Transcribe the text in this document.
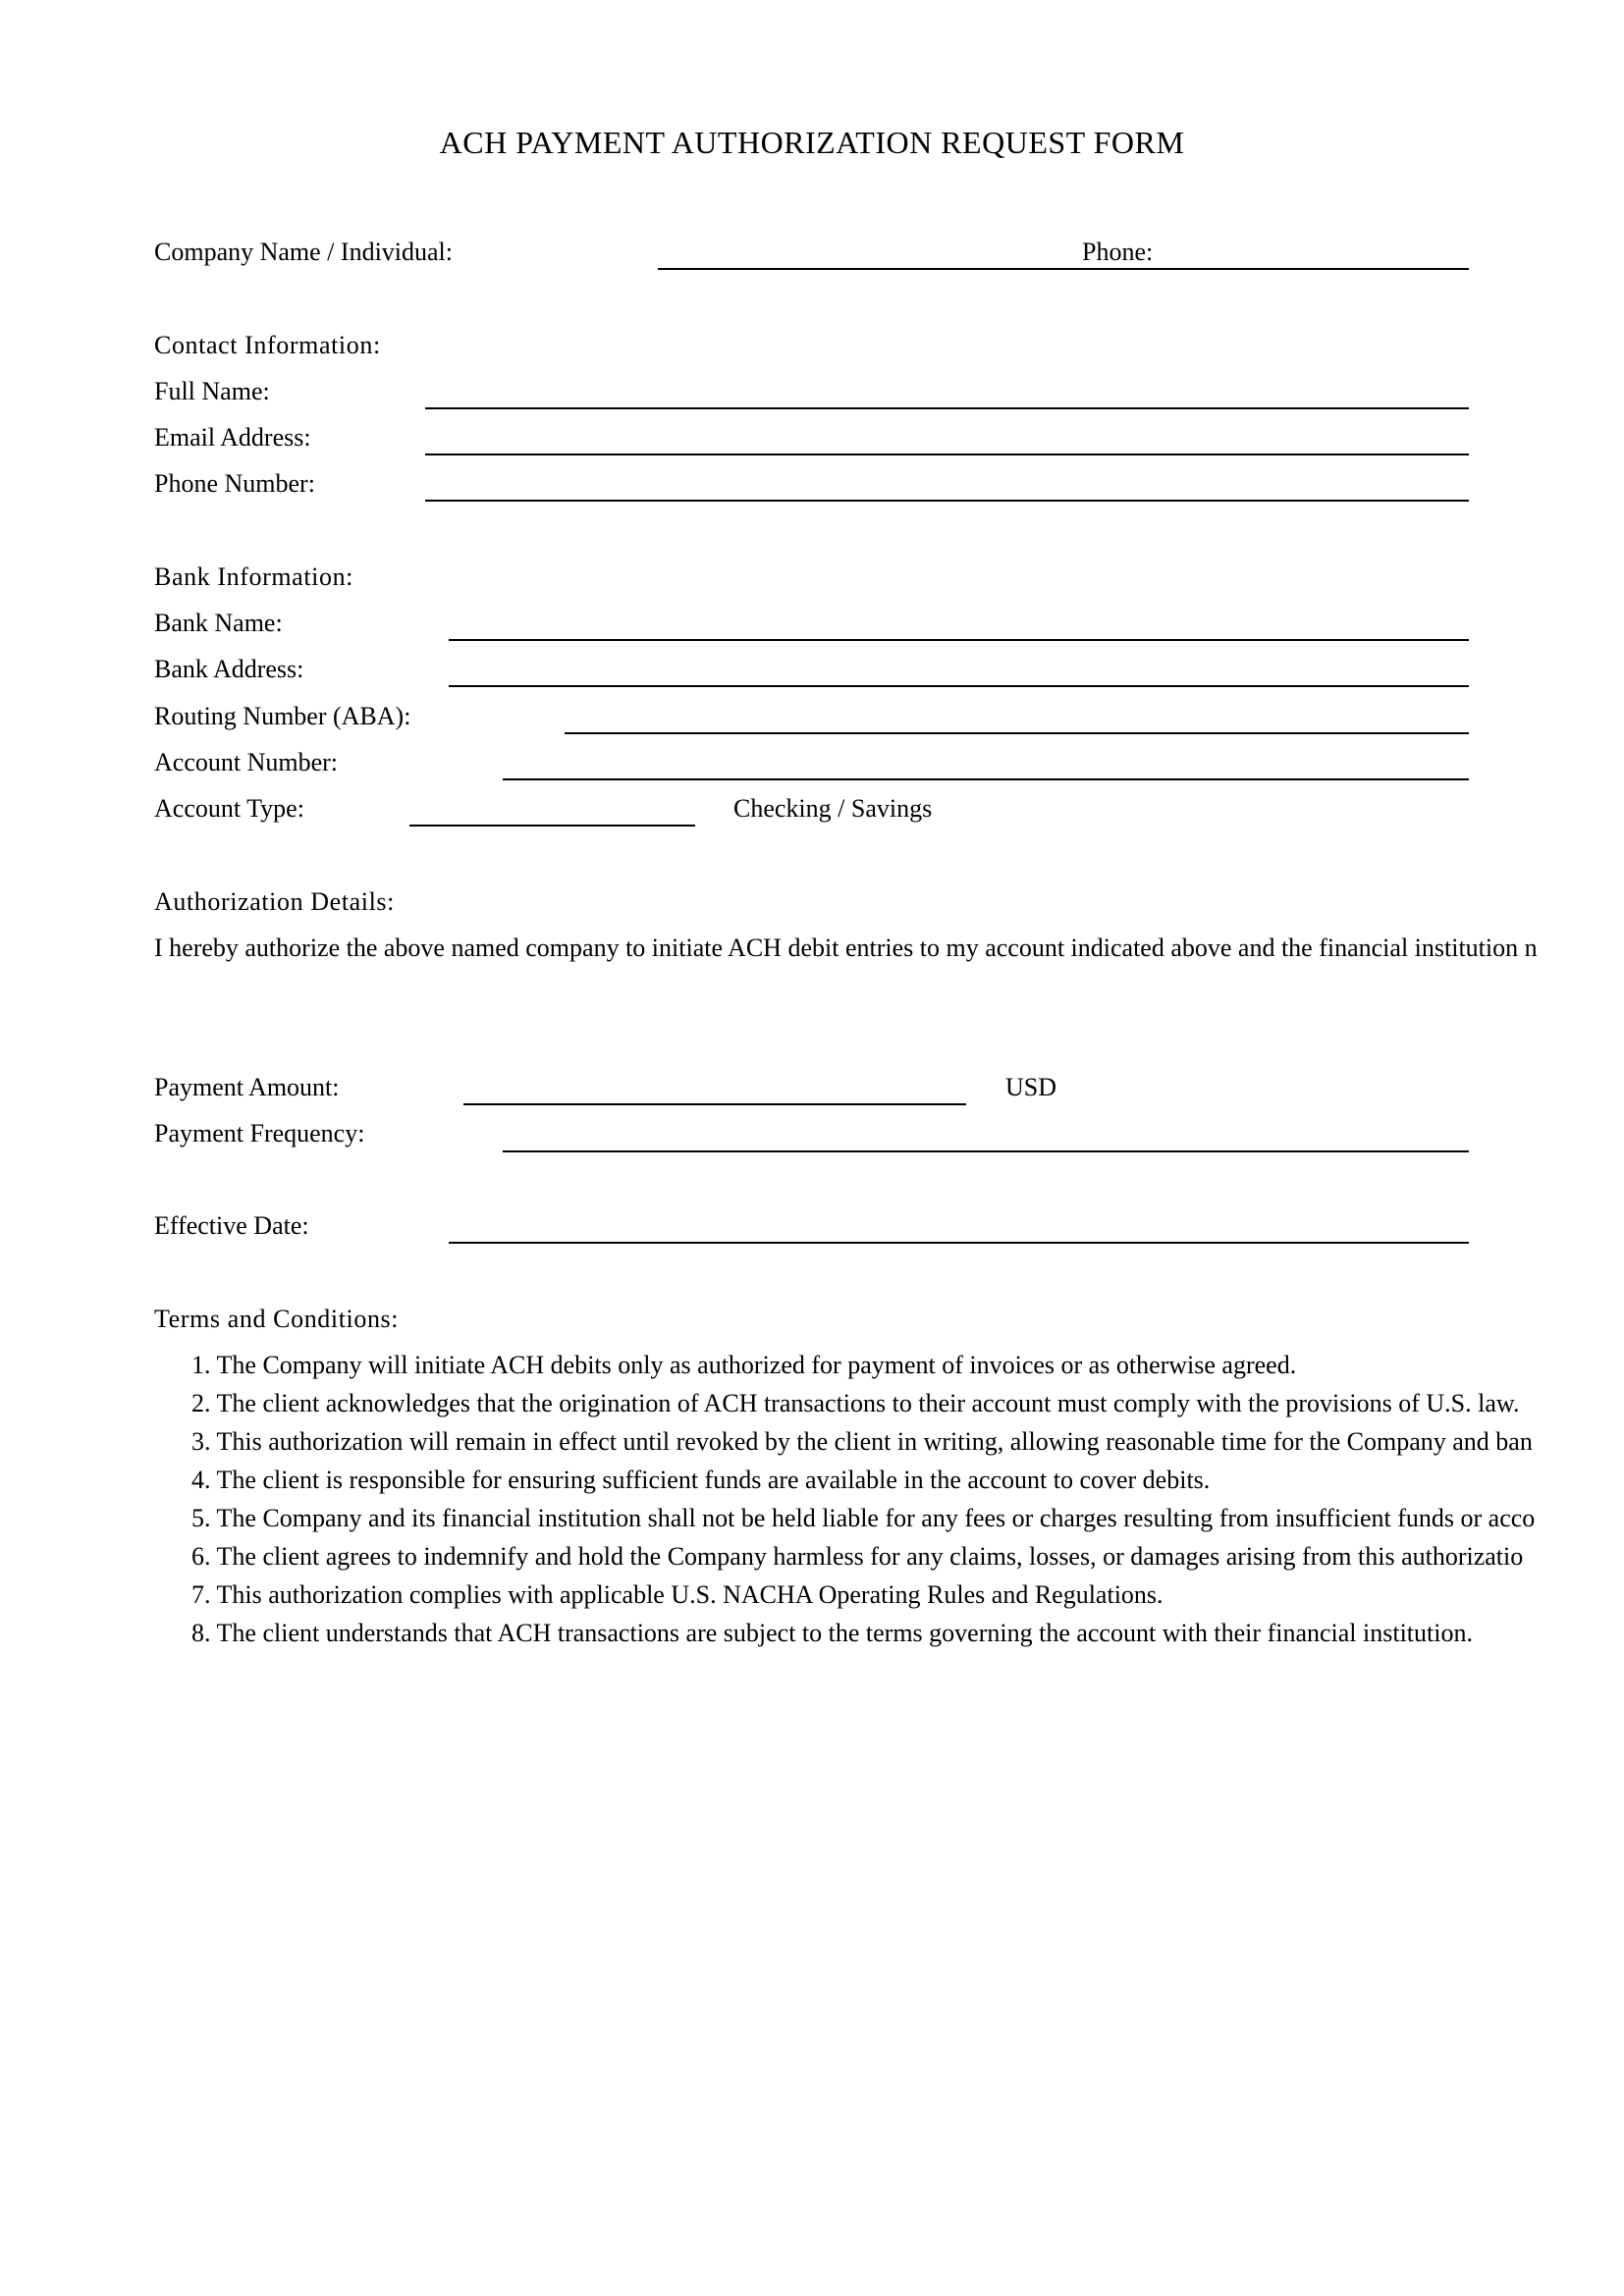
ACH PAYMENT AUTHORIZATION REQUEST FORM
Company Name / Individual:	Phone:
Contact Information:
Full Name:
Email Address:
Phone Number:
Bank Information:
Bank Name:
Bank Address:
Routing Number (ABA):
Account Number:
Account Type:	Checking / Savings
Authorization Details:
I hereby authorize the above named company to initiate ACH debit entries to my account indicated above and the financial institution n
Payment Amount:	USD
Payment Frequency:
Effective Date:
Terms and Conditions:
1. The Company will initiate ACH debits only as authorized for payment of invoices or as otherwise agreed.
2. The client acknowledges that the origination of ACH transactions to their account must comply with the provisions of U.S. law.
3. This authorization will remain in effect until revoked by the client in writing, allowing reasonable time for the Company and ban
4. The client is responsible for ensuring sufficient funds are available in the account to cover debits.
5. The Company and its financial institution shall not be held liable for any fees or charges resulting from insufficient funds or acco
6. The client agrees to indemnify and hold the Company harmless for any claims, losses, or damages arising from this authorizatio
7. This authorization complies with applicable U.S. NACHA Operating Rules and Regulations.
8. The client understands that ACH transactions are subject to the terms governing the account with their financial institution.
